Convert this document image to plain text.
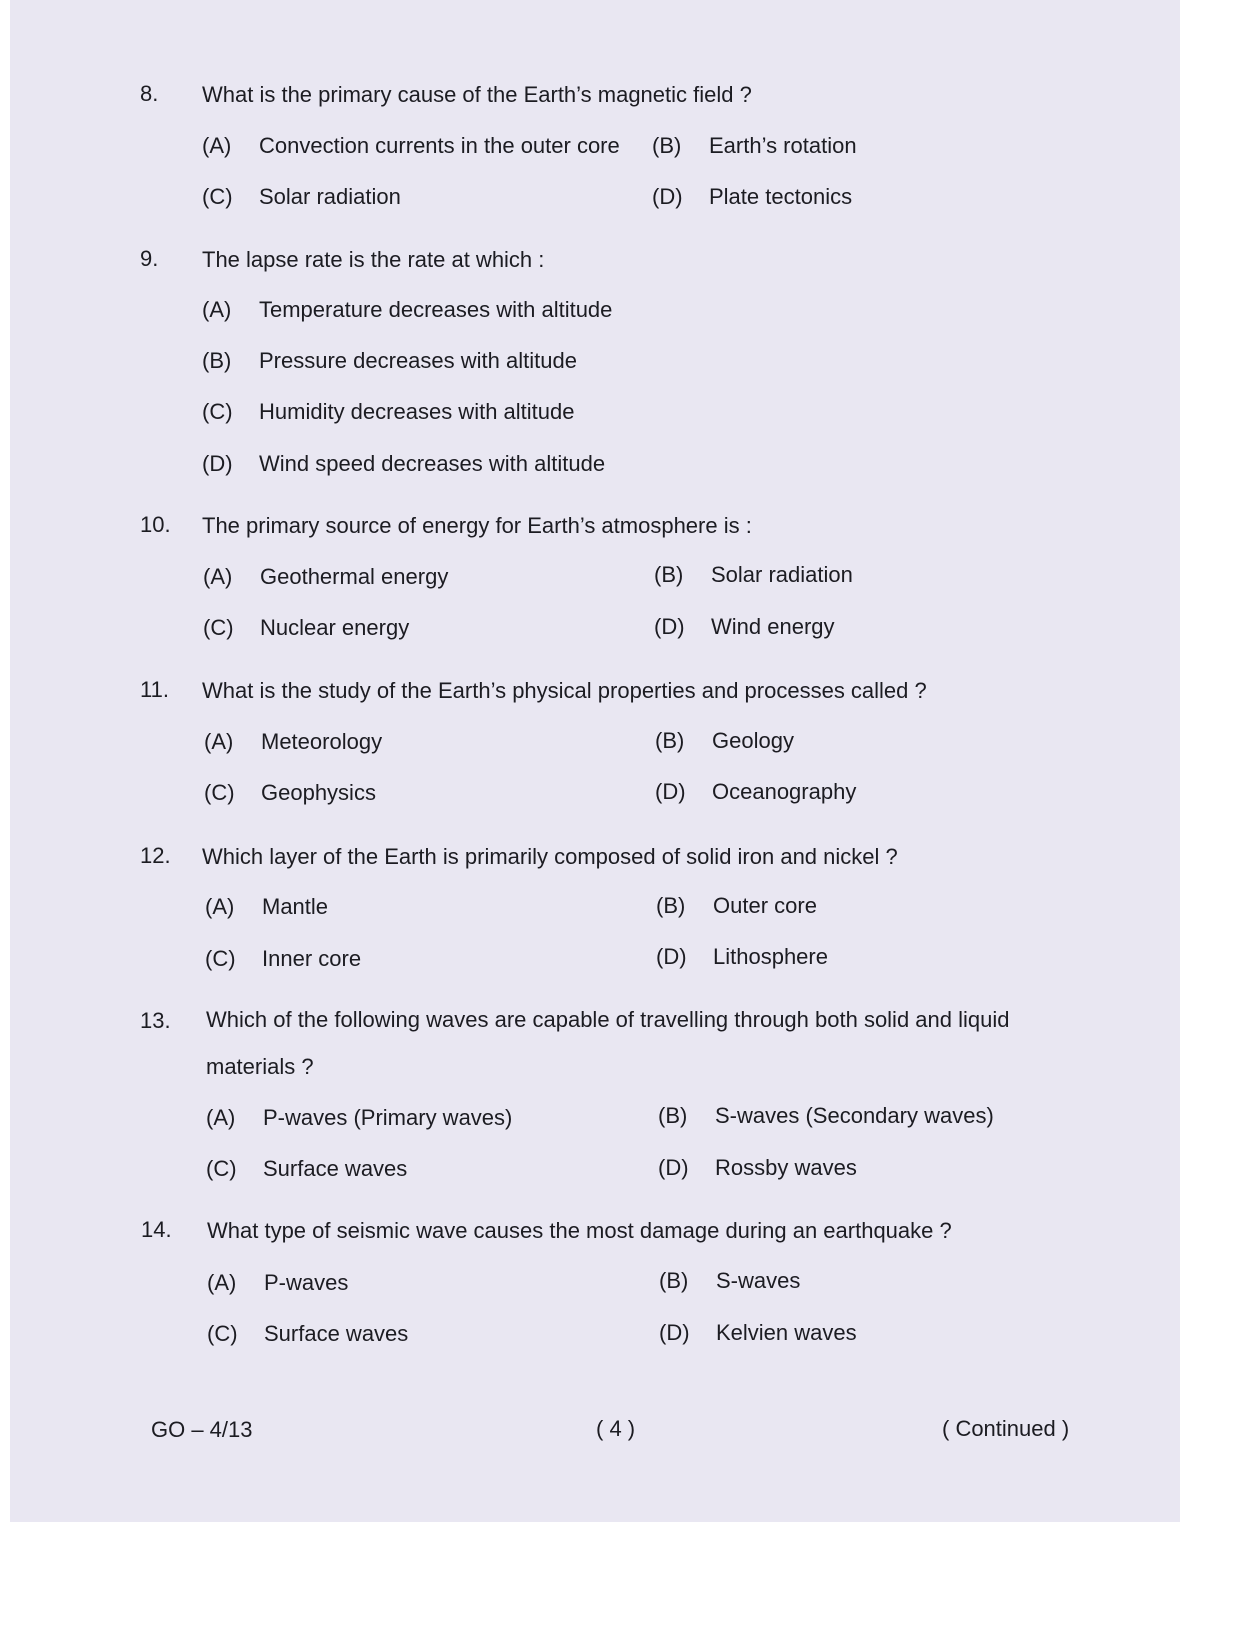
8.	What is the primary cause of the Earth’s magnetic field ?
(A) Convection currents in the outer core (B) Earth’s rotation
(C) Solar radiation	(D) Plate tectonics
9.	The lapse rate is the rate at which :
(A) Temperature decreases with altitude
(B) Pressure decreases with altitude
(C) Humidity decreases with altitude
(D) Wind speed decreases with altitude
10.	The primary source of energy for Earth’s atmosphere is :
(A) Geothermal energy	(B) Solar radiation
(C) Nuclear energy	(D) Wind energy
11.	What is the study of the Earth’s physical properties and processes called ?
(A) Meteorology	(B) Geology
(C) Geophysics	(D) Oceanography
12.	Which layer of the Earth is primarily composed of solid iron and nickel ?
(A) Mantle	(B) Outer core
(C) Inner core	(D) Lithosphere
13.	Which of the following waves are capable of travelling through both solid and liquid materials ?
(A) P-waves (Primary waves)	(B) S-waves (Secondary waves)
(C) Surface waves	(D) Rossby waves
14.	What type of seismic wave causes the most damage during an earthquake ?
(A) P-waves	(B) S-waves
(C) Surface waves	(D) Kelvien waves
GO – 4/13	( 4 )	( Continued )
